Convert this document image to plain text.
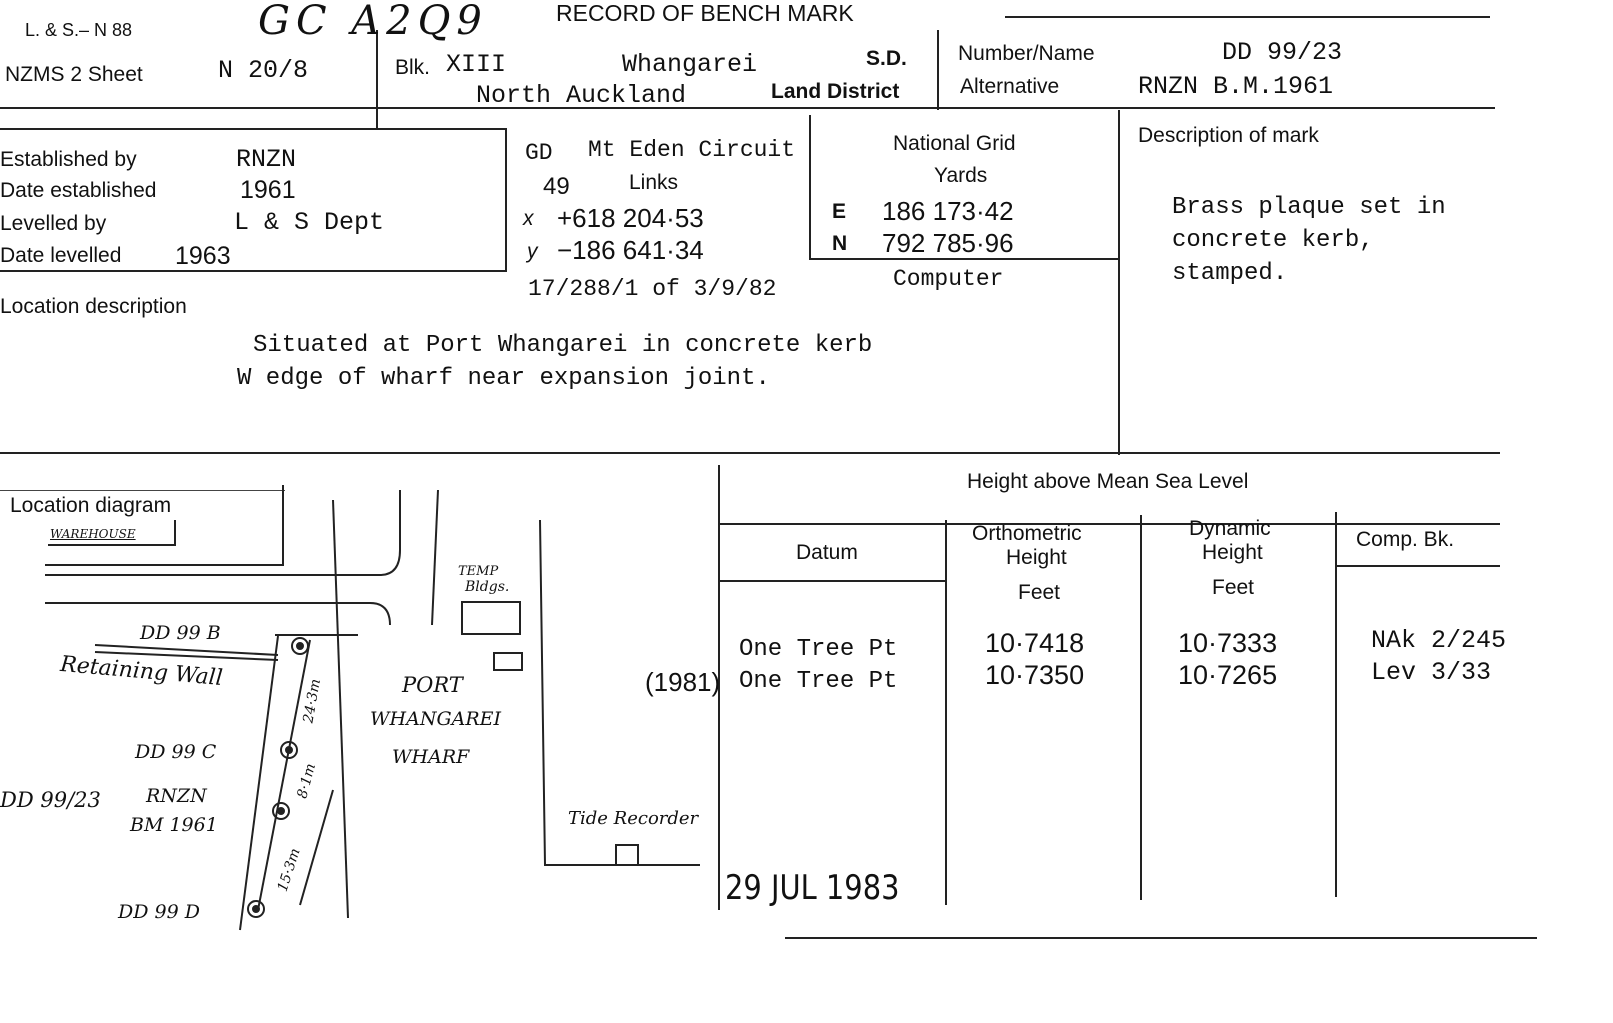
L. & S.– N 88	GC A2Q9	RECORD OF BENCH MARK
NZMS 2 Sheet	N 20/8	Blk. XIII	Whangarei	S.D.
North Auckland	Land District
Number/Name	DD 99/23
Alternative	RNZN B.M.1961
Established by	RNZN
Date established	1961
Levelled by	L & S Dept
Date levelled 1963
GD Mt Eden Circuit
49	Links
x +618 204·53
y −186 641·34
17/288/1 of 3/9/82
National Grid
Yards
E 186 173·42
N 792 785·96
Computer
Description of mark
Brass plaque set in
concrete kerb,
stamped.
Location description
Situated at Port Whangarei in concrete kerb
W edge of wharf near expansion joint.
Location diagram
WAREHOUSE
TEMP
Bldgs.
DD 99 B
Retaining Wall	PORT
WHANGAREI
WHARF
DD 99 C
24·3m
8·1m
15·3m
DD 99/23 RNZN
BM 1961	Tide Recorder
DD 99 D
Height above Mean Sea Level
Datum
Orthometric
Height
Dynamic
Height
Comp. Bk.
Feet	Feet
One Tree Pt	10·7418	10·7333	NAk 2/245
(1981) One Tree Pt	10·7350	10·7265	Lev 3/33
29 JUL 1983
